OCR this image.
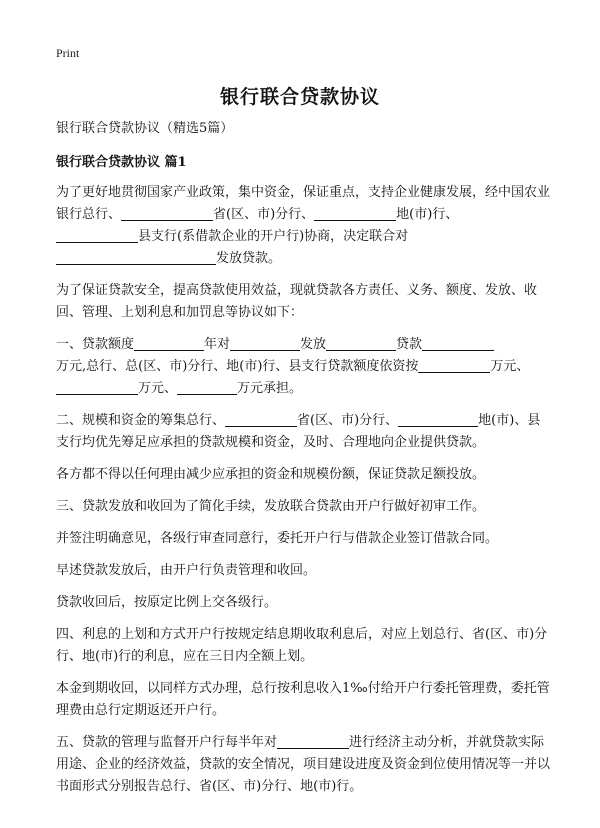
Print
银行联合贷款协议

银行联合贷款协议（精选5篇）

银行联合贷款协议 篇1

为了更好地贯彻国家产业政策，集中资金，保证重点，支持企业健康发展，经中国农业银行总行、	省(区、市)分行、	地(市)行、
县支行(系借款企业的开户行)协商，决定联合对
发放贷款。

为了保证贷款安全，提高贷款使用效益，现就贷款各方责任、义务、额度、发放、收回、管理、上划利息和加罚息等协议如下：

一、贷款额度	年对	发放	贷款
万元,总行、总(区、市)分行、地(市)行、县支行贷款额度依资按	万元、
万元、	万元承担。

二、规模和资金的筹集总行、	省(区、市)分行、	地(市)、县支行均优先筹足应承担的贷款规模和资金，及时、合理地向企业提供贷款。

各方都不得以任何理由减少应承担的资金和规模份额，保证贷款足额投放。

三、贷款发放和收回为了简化手续，发放联合贷款由开户行做好初审工作。

并签注明确意见，各级行审查同意行，委托开户行与借款企业签订借款合同。

早述贷款发放后，由开户行负责管理和收回。

贷款收回后，按原定比例上交各级行。

四、利息的上划和方式开户行按规定结息期收取利息后，对应上划总行、省(区、市)分行、地(市)行的利息，应在三日内全额上划。

本金到期收回，以同样方式办理，总行按利息收入1‰付给开户行委托管理费，委托管理费由总行定期返还开户行。

五、贷款的管理与监督开户行每半年对	进行经济主动分析，并就贷款实际用途、企业的经济效益，贷款的安全情况，项目建设进度及资金到位使用情况等一并以书面形式分别报告总行、省(区、市)分行、地(市)行。
